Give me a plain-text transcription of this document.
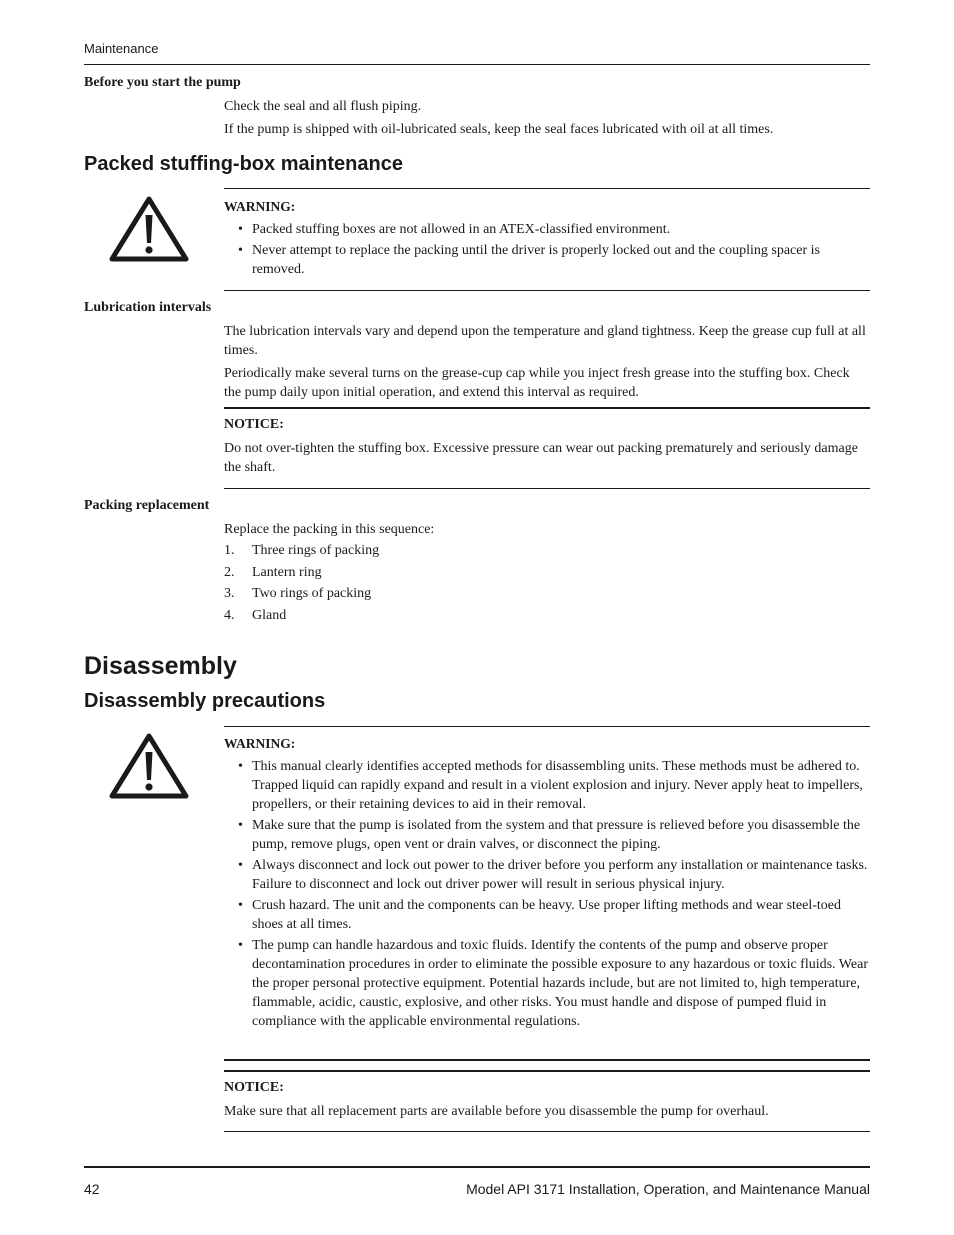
Maintenance
Before you start the pump
Check the seal and all flush piping.
If the pump is shipped with oil-lubricated seals, keep the seal faces lubricated with oil at all times.
Packed stuffing-box maintenance
WARNING:
• Packed stuffing boxes are not allowed in an ATEX-classified environment.
• Never attempt to replace the packing until the driver is properly locked out and the coupling spacer is removed.
Lubrication intervals
The lubrication intervals vary and depend upon the temperature and gland tightness. Keep the grease cup full at all times.
Periodically make several turns on the grease-cup cap while you inject fresh grease into the stuffing box. Check the pump daily upon initial operation, and extend this interval as required.
NOTICE:
Do not over-tighten the stuffing box. Excessive pressure can wear out packing prematurely and seriously damage the shaft.
Packing replacement
Replace the packing in this sequence:
1. Three rings of packing
2. Lantern ring
3. Two rings of packing
4. Gland
Disassembly
Disassembly precautions
WARNING:
• This manual clearly identifies accepted methods for disassembling units. These methods must be adhered to. Trapped liquid can rapidly expand and result in a violent explosion and injury. Never apply heat to impellers, propellers, or their retaining devices to aid in their removal.
• Make sure that the pump is isolated from the system and that pressure is relieved before you disassemble the pump, remove plugs, open vent or drain valves, or disconnect the piping.
• Always disconnect and lock out power to the driver before you perform any installation or maintenance tasks. Failure to disconnect and lock out driver power will result in serious physical injury.
• Crush hazard. The unit and the components can be heavy. Use proper lifting methods and wear steel-toed shoes at all times.
• The pump can handle hazardous and toxic fluids. Identify the contents of the pump and observe proper decontamination procedures in order to eliminate the possible exposure to any hazardous or toxic fluids. Wear the proper personal protective equipment. Potential hazards include, but are not limited to, high temperature, flammable, acidic, caustic, explosive, and other risks. You must handle and dispose of pumped fluid in compliance with the applicable environmental regulations.
NOTICE:
Make sure that all replacement parts are available before you disassemble the pump for overhaul.
42	Model API 3171 Installation, Operation, and Maintenance Manual
